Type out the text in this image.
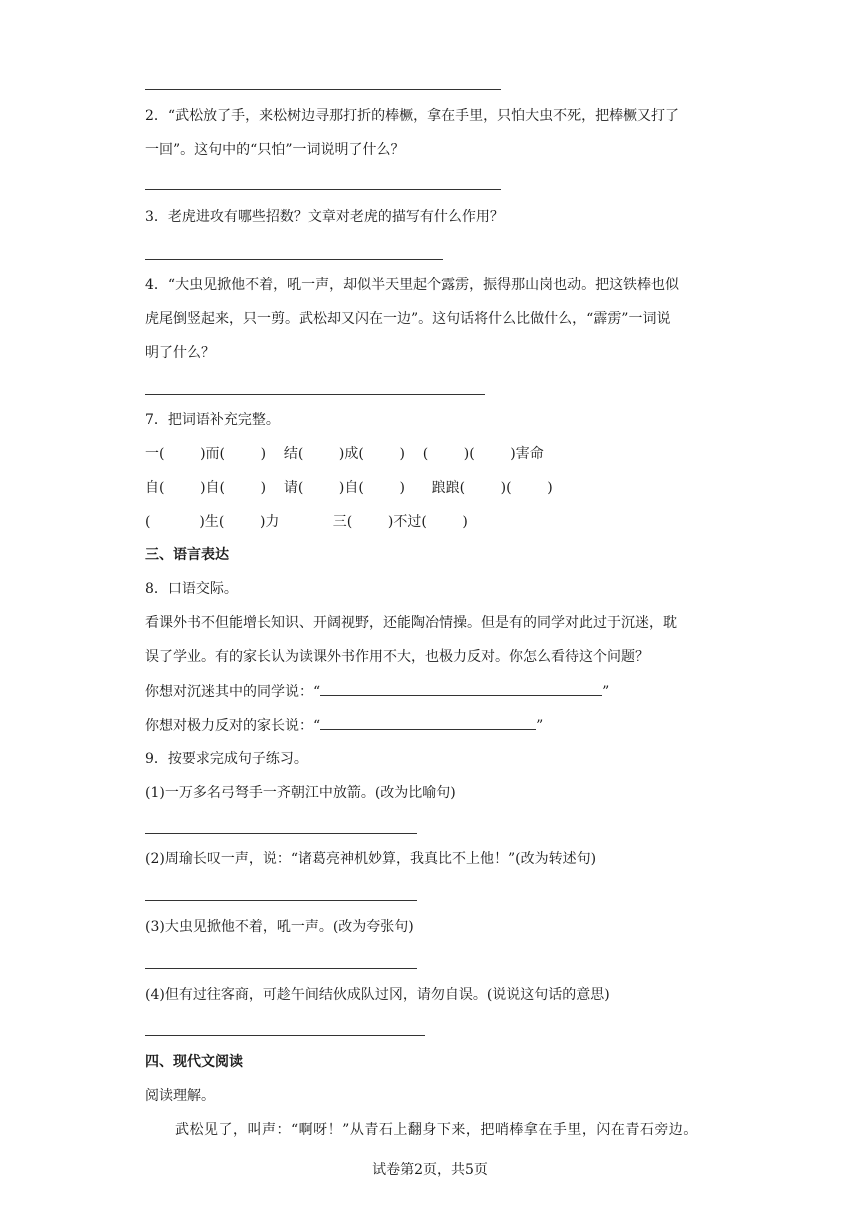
2．“武松放了手，来松树边寻那打折的棒橛，拿在手里，只怕大虫不死，把棒橛又打了
一回”。这句中的“只怕”一词说明了什么？
3．老虎进攻有哪些招数？文章对老虎的描写有什么作用？
4．“大虫见掀他不着，吼一声，却似半天里起个露雳，振得那山岗也动。把这铁棒也似
虎尾倒竖起来，只一剪。武松却又闪在一边”。这句话将什么比做什么，“霹雳”一词说
明了什么？
7．把词语补充完整。
一(        )而(        )    结(        )成(        )    (        )(        )害命
自(        )自(        )    请(        )自(        )      踉踉(        )(        )
(           )生(        )力            三(        )不过(        )
三、语言表达
8．口语交际。
看课外书不但能增长知识、开阔视野，还能陶冶情操。但是有的同学对此过于沉迷，耽
误了学业。有的家长认为读课外书作用不大，也极力反对。你怎么看待这个问题？
你想对沉迷其中的同学说：“	”
你想对极力反对的家长说：“	”
9．按要求完成句子练习。
(1)一万多名弓弩手一齐朝江中放箭。(改为比喻句)
(2)周瑜长叹一声，说：“诸葛亮神机妙算，我真比不上他！”(改为转述句)
(3)大虫见掀他不着，吼一声。(改为夸张句)
(4)但有过往客商，可趁午间结伙成队过冈，请勿自误。(说说这句话的意思)
四、现代文阅读
阅读理解。
武松见了，叫声：“啊呀！”从青石上翻身下来，把哨棒拿在手里，闪在青石旁边。
试卷第2页，共5页
